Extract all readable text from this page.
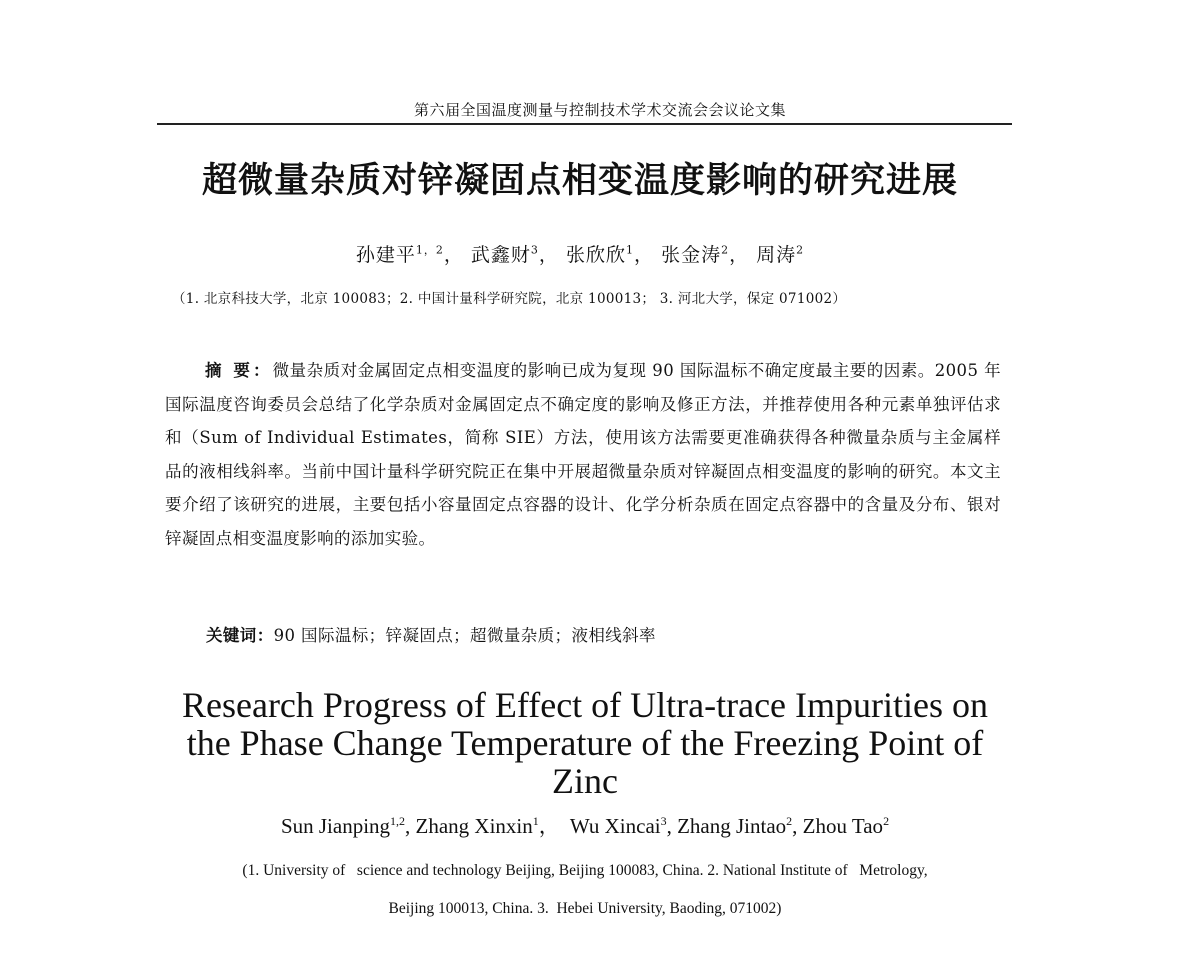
第六届全国温度测量与控制技术学术交流会会议论文集
超微量杂质对锌凝固点相变温度影响的研究进展
孙建平$^{1,2}$， 武鑫财$^3$， 张欣欣$^1$， 张金涛$^2$， 周涛$^2$
（1. 北京科技大学，北京 100083；2. 中国计量科学研究院，北京 100013； 3. 河北大学，保定 071002）

摘 要：微量杂质对金属固定点相变温度的影响已成为复现 90 国际温标不确定度最主要的因素。2005 年国际温度咨询委员会总结了化学杂质对金属固定点不确定度的影响及修正方法，并推荐使用各种元素单独评估求和（Sum of Individual Estimates，简称 SIE）方法，使用该方法需要更准确获得各种微量杂质与主金属样品的液相线斜率。当前中国计量科学研究院正在集中开展超微量杂质对锌凝固点相变温度的影响的研究。本文主要介绍了该研究的进展，主要包括小容量固定点容器的设计、化学分析杂质在固定点容器中的含量及分布、银对锌凝固点相变温度影响的添加实验。

关键词：90 国际温标；锌凝固点；超微量杂质；液相线斜率
Research Progress of Effect of Ultra-trace Impurities on the Phase Change Temperature of the Freezing Point of Zinc
Sun Jianping$^{1,2}$, Zhang Xinxin$^1$，  Wu Xincai$^3$, Zhang Jintao$^2$, Zhou Tao$^2$
(1. University of   science and technology Beijing, Beijing 100083, China. 2. National Institute of   Metrology,
Beijing 100013, China. 3.  Hebei University, Baoding, 071002)
